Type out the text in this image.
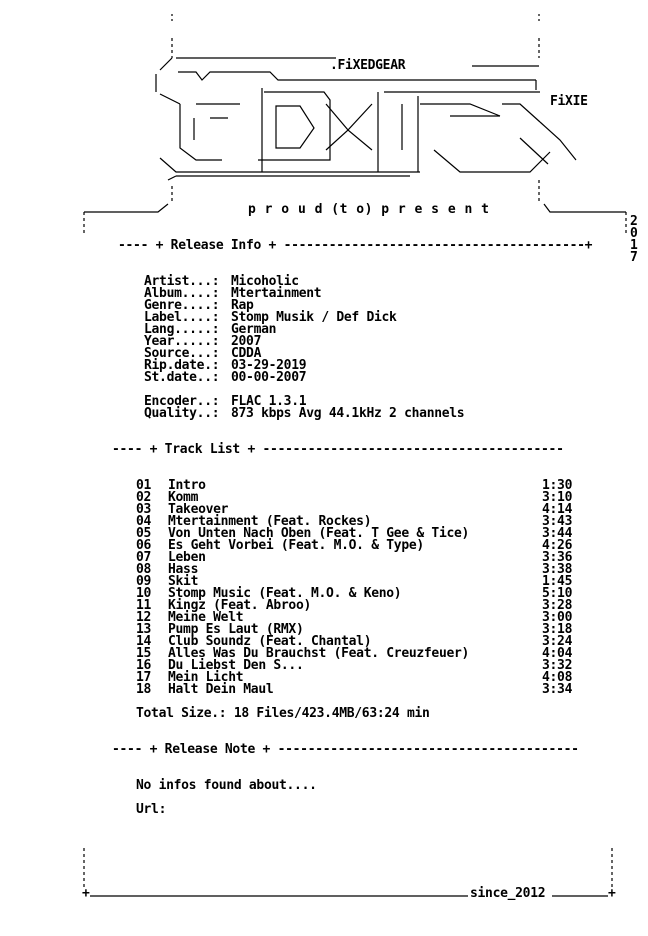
.FiXEDGEAR
FiXIE
p r o u d (t o) p r e s e n t
2
0
1
7
---- + Release Info + ----------------------------------------+
Artist...: Micoholic
Album....: Mtertainment
Genre....: Rap
Label....: Stomp Musik / Def Dick
Lang.....: German
Year.....: 2007
Source...: CDDA
Rip.date.: 03-29-2019
St.date..: 00-00-2007
Encoder..: FLAC 1.3.1
Quality..: 873 kbps Avg 44.1kHz 2 channels
---- + Track List + ----------------------------------------
01 Intro	1:30
02 Komm	3:10
03 Takeover	4:14
04 Mtertainment (Feat. Rockes)	3:43
05 Von Unten Nach Oben (Feat. T Gee & Tice)	3:44
06 Es Geht Vorbei (Feat. M.O. & Type)	4:26
07 Leben	3:36
08 Hass	3:38
09 Skit	1:45
10 Stomp Music (Feat. M.O. & Keno)	5:10
11 Kingz (Feat. Abroo)	3:28
12 Meine Welt	3:00
13 Pump Es Laut (RMX)	3:18
14 Club Soundz (Feat. Chantal)	3:24
15 Alles Was Du Brauchst (Feat. Creuzfeuer)	4:04
16 Du Liebst Den S...	3:32
17 Mein Licht	4:08
18 Halt Dein Maul	3:34
Total Size.: 18 Files/423.4MB/63:24 min
---- + Release Note + ----------------------------------------
No infos found about....
Url:
+	+
since_2012
